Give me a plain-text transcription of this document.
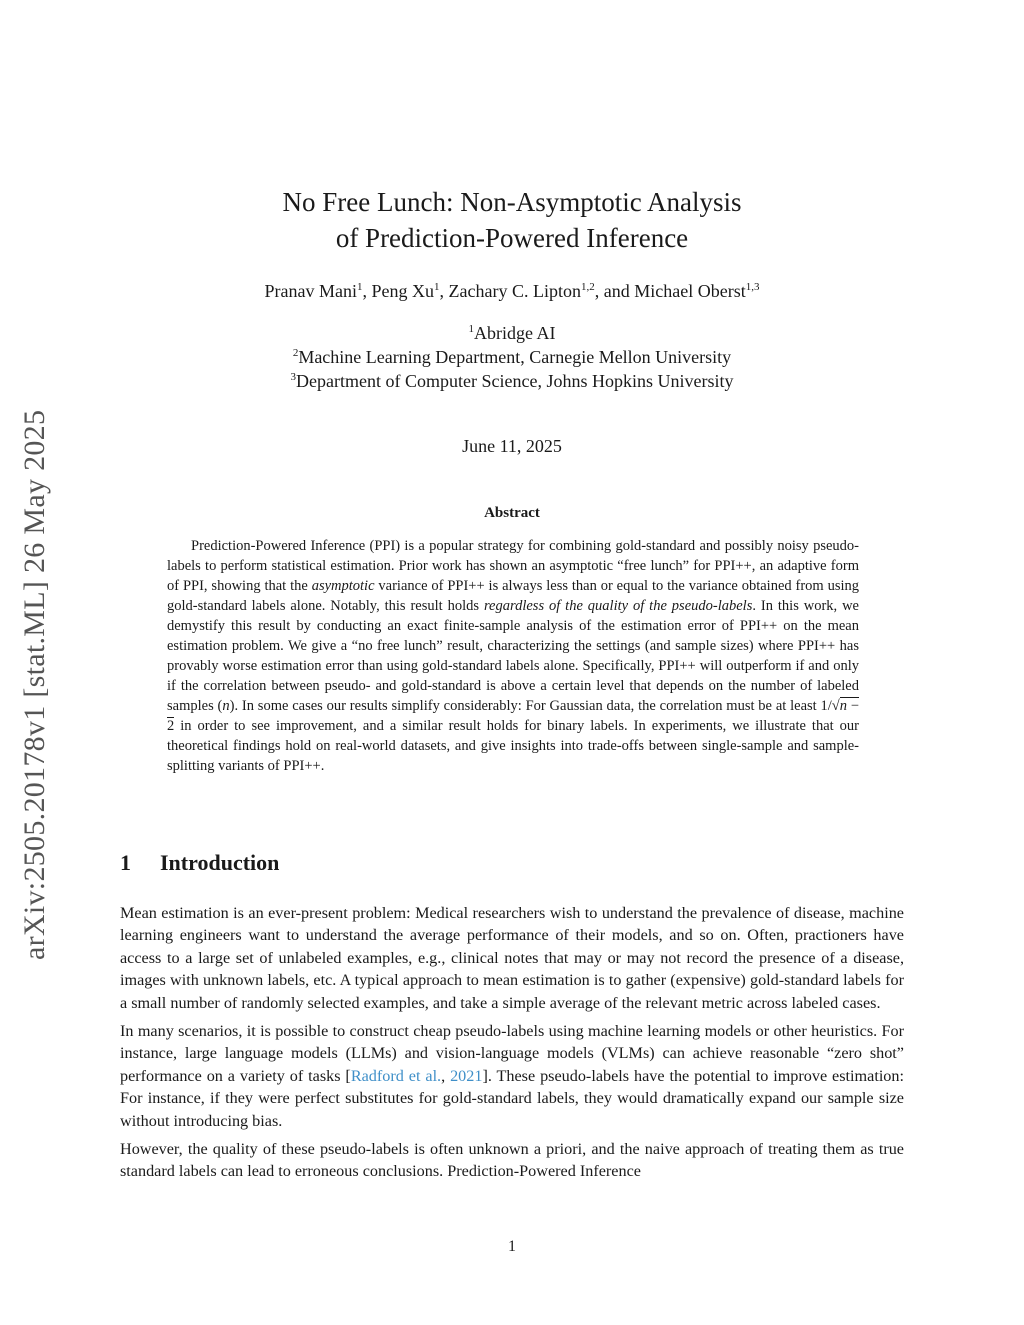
arXiv:2505.20178v1 [stat.ML] 26 May 2025
No Free Lunch: Non-Asymptotic Analysis
of Prediction-Powered Inference
Pranav Mani$^1$, Peng Xu$^1$, Zachary C. Lipton$^{1,2}$, and Michael Oberst$^{1,3}$
$^1$Abridge AI
$^2$Machine Learning Department, Carnegie Mellon University
$^3$Department of Computer Science, Johns Hopkins University
June 11, 2025
Abstract

Prediction-Powered Inference (PPI) is a popular strategy for combining gold-standard and possibly noisy pseudo-labels to perform statistical estimation. Prior work has shown an asymptotic “free lunch” for PPI++, an adaptive form of PPI, showing that the asymptotic variance of PPI++ is always less than or equal to the variance obtained from using gold-standard labels alone. Notably, this result holds regardless of the quality of the pseudo-labels. In this work, we demystify this result by conducting an exact finite-sample analysis of the estimation error of PPI++ on the mean estimation problem. We give a “no free lunch” result, characterizing the settings (and sample sizes) where PPI++ has provably worse estimation error than using gold-standard labels alone. Specifically, PPI++ will outperform if and only if the correlation between pseudo- and gold-standard is above a certain level that depends on the number of labeled samples (n). In some cases our results simplify considerably: For Gaussian data, the correlation must be at least 1/√n − 2 in order to see improvement, and a similar result holds for binary labels. In experiments, we illustrate that our theoretical findings hold on real-world datasets, and give insights into trade-offs between single-sample and sample-splitting variants of PPI++.

1 Introduction

Mean estimation is an ever-present problem: Medical researchers wish to understand the prevalence of disease, machine learning engineers want to understand the average performance of their models, and so on. Often, practioners have access to a large set of unlabeled examples, e.g., clinical notes that may or may not record the presence of a disease, images with unknown labels, etc. A typical approach to mean estimation is to gather (expensive) gold-standard labels for a small number of randomly selected examples, and take a simple average of the relevant metric across labeled cases.

In many scenarios, it is possible to construct cheap pseudo-labels using machine learning models or other heuristics. For instance, large language models (LLMs) and vision-language models (VLMs) can achieve reasonable “zero shot” performance on a variety of tasks [Radford et al., 2021]. These pseudo-labels have the potential to improve estimation: For instance, if they were perfect substitutes for gold-standard labels, they would dramatically expand our sample size without introducing bias.

However, the quality of these pseudo-labels is often unknown a priori, and the naive approach of treating them as true standard labels can lead to erroneous conclusions. Prediction-Powered Inference

1
